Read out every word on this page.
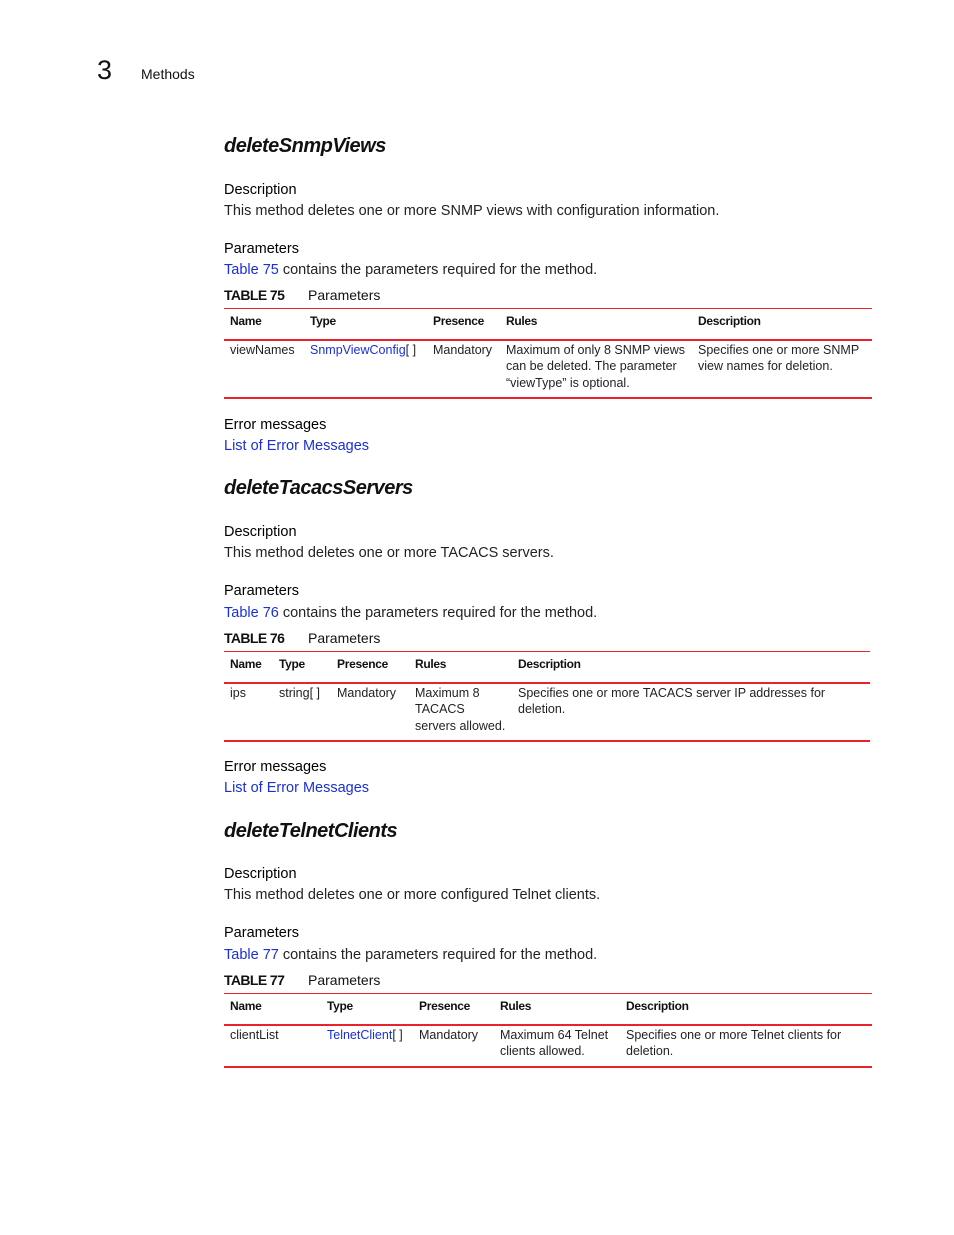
3 Methods
deleteSnmpViews
Description
This method deletes one or more SNMP views with configuration information.
Parameters
Table 75 contains the parameters required for the method.
TABLE 75 Parameters
Name	Type	Presence	Rules	Description
viewNames	SnmpViewConfig[ ]	Mandatory	Maximum of only 8 SNMP views can be deleted. The parameter “viewType” is optional.	Specifies one or more SNMP view names for deletion.
Error messages
List of Error Messages
deleteTacacsServers
Description
This method deletes one or more TACACS servers.
Parameters
Table 76 contains the parameters required for the method.
TABLE 76 Parameters
Name	Type	Presence	Rules	Description
ips	string[ ]	Mandatory	Maximum 8 TACACS servers allowed.	Specifies one or more TACACS server IP addresses for deletion.
Error messages
List of Error Messages
deleteTelnetClients
Description
This method deletes one or more configured Telnet clients.
Parameters
Table 77 contains the parameters required for the method.
TABLE 77 Parameters
Name	Type	Presence	Rules	Description
clientList	TelnetClient[ ]	Mandatory	Maximum 64 Telnet clients allowed.	Specifies one or more Telnet clients for deletion.
